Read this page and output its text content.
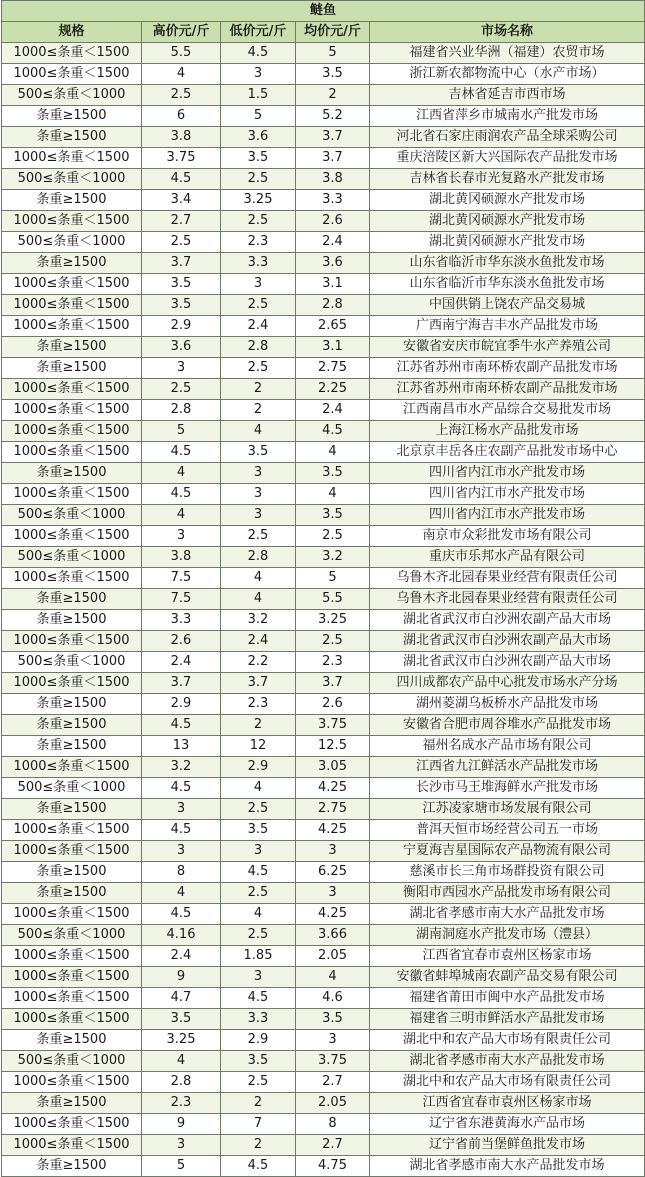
鲢鱼				
规格	高价元/斤	低价元/斤	均价元/斤	市场名称
1000≤条重＜1500	5.5	4.5	5	福建省兴业华洲（福建）农贸市场
1000≤条重＜1500	4	3	3.5	浙江新农都物流中心（水产市场）
500≤条重＜1000	2.5	1.5	2	吉林省延吉市西市场
条重≥1500	6	5	5.2	江西省萍乡市城南水产批发市场
条重≥1500	3.8	3.6	3.7	河北省石家庄雨润农产品全球采购公司
1000≤条重＜1500	3.75	3.5	3.7	重庆涪陵区新大兴国际农产品批发市场
500≤条重＜1000	4.5	2.5	3.8	吉林省长春市光复路水产批发市场
条重≥1500	3.4	3.25	3.3	湖北黄冈硕源水产批发市场
1000≤条重＜1500	2.7	2.5	2.6	湖北黄冈硕源水产批发市场
500≤条重＜1000	2.5	2.3	2.4	湖北黄冈硕源水产批发市场
条重≥1500	3.7	3.3	3.6	山东省临沂市华东淡水鱼批发市场
1000≤条重＜1500	3.5	3	3.1	山东省临沂市华东淡水鱼批发市场
1000≤条重＜1500	3.5	2.5	2.8	中国供销上饶农产品交易城
1000≤条重＜1500	2.9	2.4	2.65	广西南宁海吉丰水产品批发市场
条重≥1500	3.6	2.8	3.1	安徽省安庆市皖宜季牛水产养殖公司
条重≥1500	3	2.5	2.75	江苏省苏州市南环桥农副产品批发市场
1000≤条重＜1500	2.5	2	2.25	江苏省苏州市南环桥农副产品批发市场
1000≤条重＜1500	2.8	2	2.4	江西南昌市水产品综合交易批发市场
1000≤条重＜1500	5	4	4.5	上海江杨水产品批发市场
1000≤条重＜1500	4.5	3.5	4	北京京丰岳各庄农副产品批发市场中心
条重≥1500	4	3	3.5	四川省内江市水产批发市场
1000≤条重＜1500	4.5	3	4	四川省内江市水产批发市场
500≤条重＜1000	4	3	3.5	四川省内江市水产批发市场
1000≤条重＜1500	3	2.5	2.5	南京市众彩批发市场有限公司
500≤条重＜1000	3.8	2.8	3.2	重庆市乐邦水产品有限公司
1000≤条重＜1500	7.5	4	5	乌鲁木齐北园春果业经营有限责任公司
条重≥1500	7.5	4	5.5	乌鲁木齐北园春果业经营有限责任公司
条重≥1500	3.3	3.2	3.25	湖北省武汉市白沙洲农副产品大市场
1000≤条重＜1500	2.6	2.4	2.5	湖北省武汉市白沙洲农副产品大市场
500≤条重＜1000	2.4	2.2	2.3	湖北省武汉市白沙洲农副产品大市场
1000≤条重＜1500	3.7	3.7	3.7	四川成都农产品中心批发市场水产分场
条重≥1500	2.9	2.3	2.6	湖州菱湖乌板桥水产品批发市场
条重≥1500	4.5	2	3.75	安徽省合肥市周谷堆水产品批发市场
条重≥1500	13	12	12.5	福州名成水产品市场有限公司
1000≤条重＜1500	3.2	2.9	3.05	江西省九江鲜活水产品批发市场
500≤条重＜1000	4.5	4	4.25	长沙市马王堆海鲜水产批发市场
条重≥1500	3	2.5	2.75	江苏凌家塘市场发展有限公司
1000≤条重＜1500	4.5	3.5	4.25	普洱天恒市场经营公司五一市场
1000≤条重＜1500	3	3	3	宁夏海吉星国际农产品物流有限公司
条重≥1500	8	4.5	6.25	慈溪市长三角市场群投资有限公司
条重≥1500	4	2.5	3	衡阳市西园水产品批发市场有限公司
1000≤条重＜1500	4.5	4	4.25	湖北省孝感市南大水产品批发市场
500≤条重＜1000	4.16	2.5	3.66	湖南洞庭水产批发市场（澧县）
1000≤条重＜1500	2.4	1.85	2.05	江西省宜春市袁州区杨家市场
1000≤条重＜1500	9	3	4	安徽省蚌埠城南农副产品交易有限公司
1000≤条重＜1500	4.7	4.5	4.6	福建省莆田市闽中水产品批发市场
1000≤条重＜1500	3.5	3.3	3.5	福建省三明市鲜活水产品批发市场
条重≥1500	3.25	2.9	3	湖北中和农产品大市场有限责任公司
500≤条重＜1000	4	3.5	3.75	湖北省孝感市南大水产品批发市场
1000≤条重＜1500	2.8	2.5	2.7	湖北中和农产品大市场有限责任公司
条重≥1500	2.3	2	2.05	江西省宜春市袁州区杨家市场
1000≤条重＜1500	9	7	8	辽宁省东港黄海水产品市场
1000≤条重＜1500	3	2	2.7	辽宁省前当堡鲜鱼批发市场
条重≥1500	5	4.5	4.75	湖北省孝感市南大水产品批发市场
